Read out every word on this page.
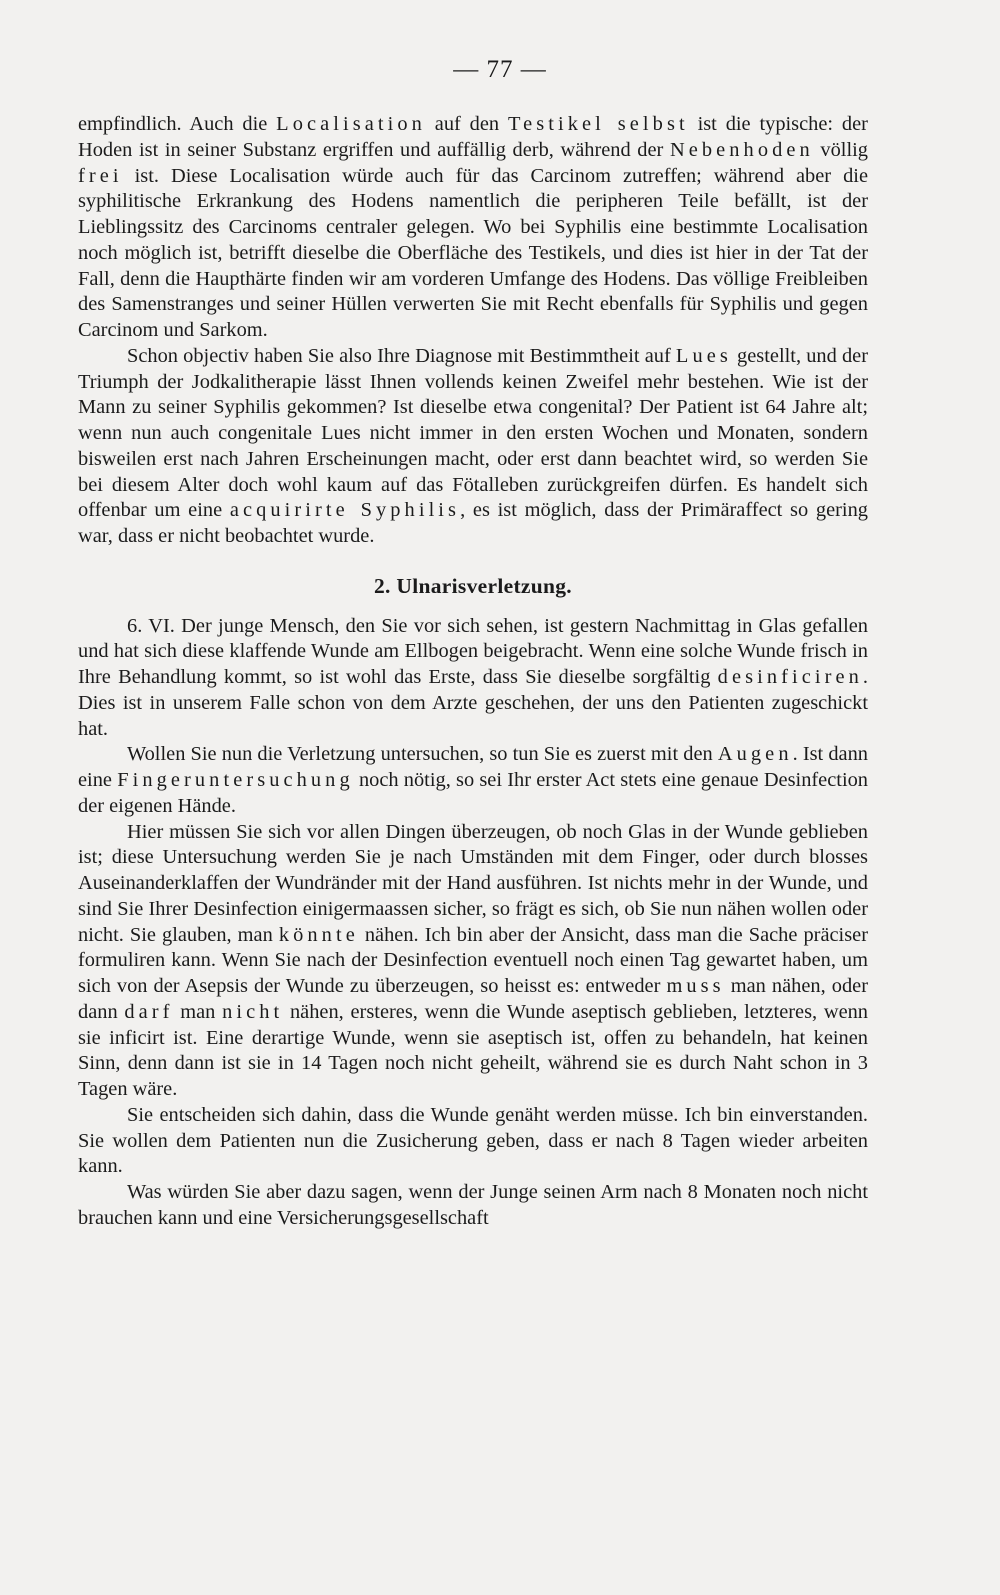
— 77 —

empfindlich. Auch die Localisation auf den Testikel selbst ist die typische: der Hoden ist in seiner Substanz ergriffen und auffällig derb, während der Nebenhoden völlig frei ist. Diese Localisation würde auch für das Carcinom zutreffen; während aber die syphilitische Erkrankung des Hodens namentlich die peripheren Teile befällt, ist der Lieblingssitz des Carcinoms centraler gelegen. Wo bei Syphilis eine bestimmte Localisation noch möglich ist, betrifft dieselbe die Oberfläche des Testikels, und dies ist hier in der Tat der Fall, denn die Haupthärte finden wir am vorderen Umfange des Hodens. Das völlige Freibleiben des Samenstranges und seiner Hüllen verwerten Sie mit Recht ebenfalls für Syphilis und gegen Carcinom und Sarkom.

Schon objectiv haben Sie also Ihre Diagnose mit Bestimmtheit auf Lues gestellt, und der Triumph der Jodkalitherapie lässt Ihnen vollends keinen Zweifel mehr bestehen. Wie ist der Mann zu seiner Syphilis gekommen? Ist dieselbe etwa congenital? Der Patient ist 64 Jahre alt; wenn nun auch congenitale Lues nicht immer in den ersten Wochen und Monaten, sondern bisweilen erst nach Jahren Erscheinungen macht, oder erst dann beachtet wird, so werden Sie bei diesem Alter doch wohl kaum auf das Fötalleben zurückgreifen dürfen. Es handelt sich offenbar um eine acquirirte Syphilis, es ist möglich, dass der Primäraffect so gering war, dass er nicht beobachtet wurde.

2. Ulnarisverletzung.

6. VI. Der junge Mensch, den Sie vor sich sehen, ist gestern Nachmittag in Glas gefallen und hat sich diese klaffende Wunde am Ellbogen beigebracht. Wenn eine solche Wunde frisch in Ihre Behandlung kommt, so ist wohl das Erste, dass Sie dieselbe sorgfältig desinficiren. Dies ist in unserem Falle schon von dem Arzte geschehen, der uns den Patienten zugeschickt hat.

Wollen Sie nun die Verletzung untersuchen, so tun Sie es zuerst mit den Augen. Ist dann eine Fingeruntersuchung noch nötig, so sei Ihr erster Act stets eine genaue Desinfection der eigenen Hände.

Hier müssen Sie sich vor allen Dingen überzeugen, ob noch Glas in der Wunde geblieben ist; diese Untersuchung werden Sie je nach Umständen mit dem Finger, oder durch blosses Auseinanderklaffen der Wundränder mit der Hand ausführen. Ist nichts mehr in der Wunde, und sind Sie Ihrer Desinfection einigermaassen sicher, so frägt es sich, ob Sie nun nähen wollen oder nicht. Sie glauben, man könnte nähen. Ich bin aber der Ansicht, dass man die Sache präciser formuliren kann. Wenn Sie nach der Desinfection eventuell noch einen Tag gewartet haben, um sich von der Asepsis der Wunde zu überzeugen, so heisst es: entweder muss man nähen, oder dann darf man nicht nähen, ersteres, wenn die Wunde aseptisch geblieben, letzteres, wenn sie inficirt ist. Eine derartige Wunde, wenn sie aseptisch ist, offen zu behandeln, hat keinen Sinn, denn dann ist sie in 14 Tagen noch nicht geheilt, während sie es durch Naht schon in 3 Tagen wäre.

Sie entscheiden sich dahin, dass die Wunde genäht werden müsse. Ich bin einverstanden. Sie wollen dem Patienten nun die Zusicherung geben, dass er nach 8 Tagen wieder arbeiten kann.

Was würden Sie aber dazu sagen, wenn der Junge seinen Arm nach 8 Monaten noch nicht brauchen kann und eine Versicherungsgesellschaft
